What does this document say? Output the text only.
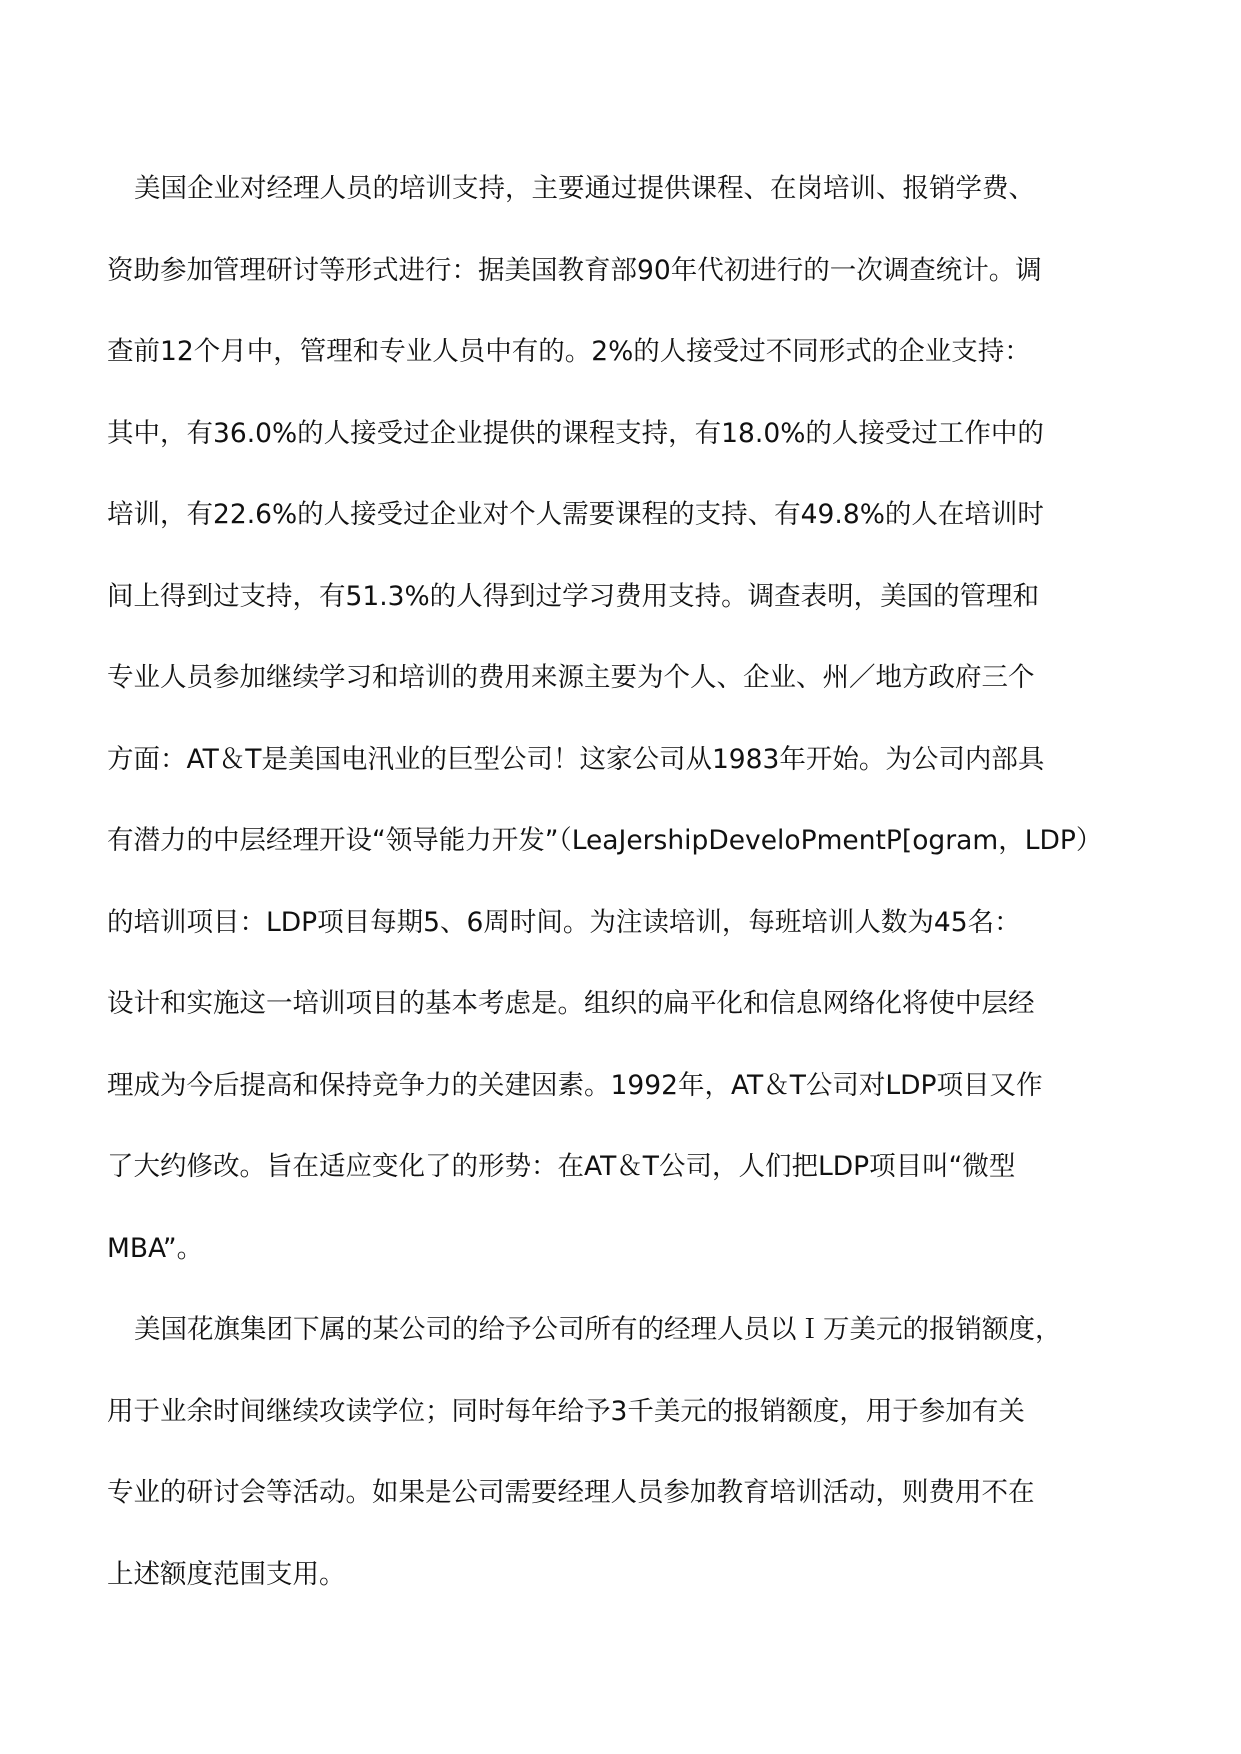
美国企业对经理人员的培训支持，主要通过提供课程、在岗培训、报销学费、
资助参加管理研讨等形式进行：据美国教育部90年代初进行的一次调查统计。调
查前12个月中，管理和专业人员中有的。2%的人接受过不同形式的企业支持：
其中，有36.0%的人接受过企业提供的课程支持，有18.0%的人接受过工作中的
培训，有22.6%的人接受过企业对个人需要课程的支持、有49.8%的人在培训时
间上得到过支持，有51.3%的人得到过学习费用支持。调查表明，美国的管理和
专业人员参加继续学习和培训的费用来源主要为个人、企业、州／地方政府三个
方面：AT＆T是美国电汛业的巨型公司！这家公司从1983年开始。为公司内部具
有潜力的中层经理开设“领导能力开发”（LeaJershipDeveloPmentP[ogram，LDP）
的培训项目：LDP项目每期5、6周时间。为注读培训，每班培训人数为45名：
设计和实施这一培训项目的基本考虑是。组织的扁平化和信息网络化将使中层经
理成为今后提高和保持竞争力的关建因素。1992年，AT＆T公司对LDP项目又作
了大约修改。旨在适应变化了的形势：在AT＆T公司，人们把LDP项目叫“微型
MBA”。
美国花旗集团下属的某公司的给予公司所有的经理人员以Ｉ万美元的报销额度，
用于业余时间继续攻读学位；同时每年给予3千美元的报销额度，用于参加有关
专业的研讨会等活动。如果是公司需要经理人员参加教育培训活动，则费用不在
上述额度范围支用。
